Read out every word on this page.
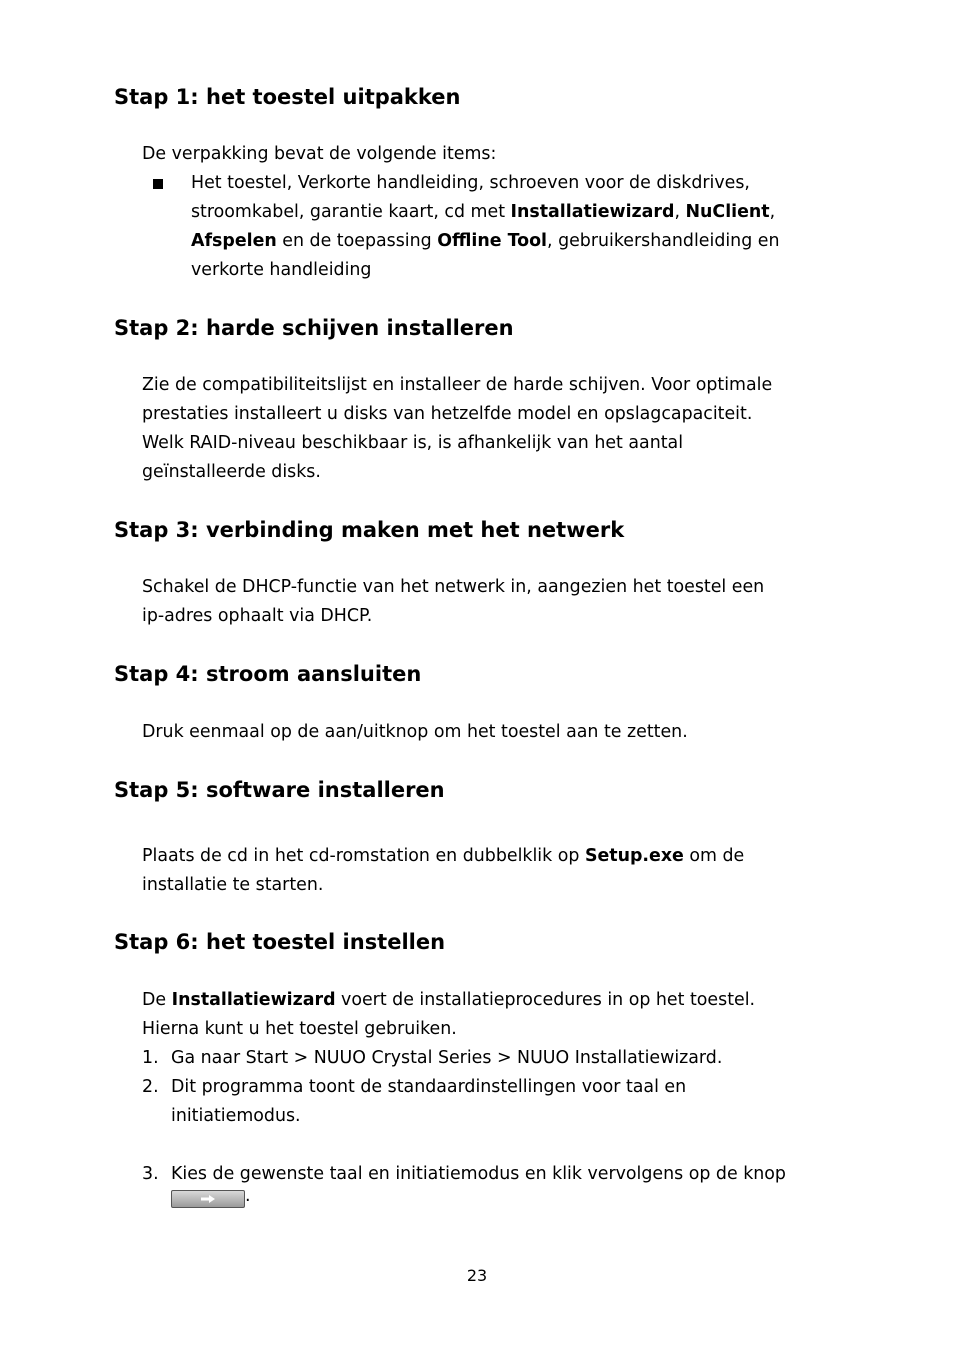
Stap 1: het toestel uitpakken

De verpakking bevat de volgende items:

Het toestel, Verkorte handleiding, schroeven voor de diskdrives,

stroomkabel, garantie kaart, cd met Installatiewizard, NuClient,

Afspelen en de toepassing Offline Tool, gebruikershandleiding en

verkorte handleiding

Stap 2: harde schijven installeren

Zie de compatibiliteitslijst en installeer de harde schijven. Voor optimale

prestaties installeert u disks van hetzelfde model en opslagcapaciteit.

Welk RAID-niveau beschikbaar is, is afhankelijk van het aantal

geïnstalleerde disks.

Stap 3: verbinding maken met het netwerk

Schakel de DHCP-functie van het netwerk in, aangezien het toestel een

ip-adres ophaalt via DHCP.

Stap 4: stroom aansluiten

Druk eenmaal op de aan/uitknop om het toestel aan te zetten.

Stap 5: software installeren

Plaats de cd in het cd-romstation en dubbelklik op Setup.exe om de

installatie te starten.

Stap 6: het toestel instellen

De Installatiewizard voert de installatieprocedures in op het toestel.

Hierna kunt u het toestel gebruiken.

1. Ga naar Start > NUUO Crystal Series > NUUO Installatiewizard.

2. Dit programma toont de standaardinstellingen voor taal en

initiatiemodus.

3. Kies de gewenste taal en initiatiemodus en klik vervolgens op de knop

.
23
